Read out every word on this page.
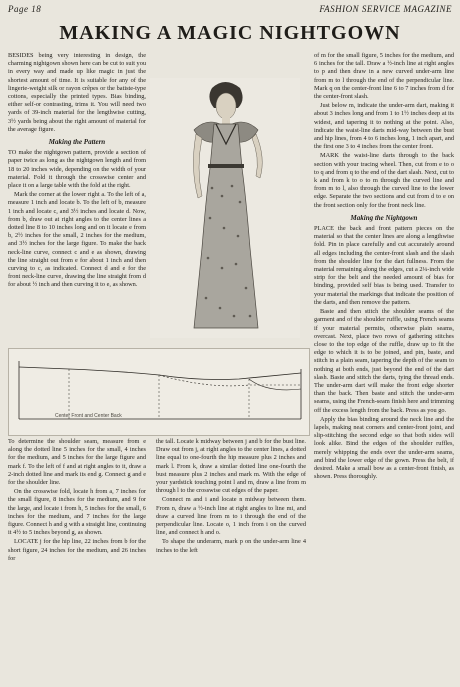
Page 18	FASHION SERVICE MAGAZINE
MAKING A MAGIC NIGHTGOWN

BESIDES being very interesting in design, the charming nightgown shown here can be cut to suit you in every way and made up like magic in just the shortest amount of time. It is suitable for any of the lingerie-weight silk or rayon crêpes or the batiste-type cottons, especially the printed types. Bias binding, either self-or contrasting, trims it. You will need two yards of 39-inch material for the lengthwise cutting, 3½ yards being about the right amount of material for the average figure.

Making the Pattern

TO make the nightgown pattern, provide a section of paper twice as long as the nightgown length and from 18 to 20 inches wide, depending on the width of your material. Fold it through the crosswise center and place it on a large table with the fold at the right.

Mark the corner at the lower right a. To the left of a, measure 1 inch and locate b. To the left of b, measure 1 inch and locate c, and 3½ inches and locate d. Now, from b, draw out at right angles to the center lines a dotted line 8 to 10 inches long and on it locate e from b, 2½ inches for the small, 2 inches for the medium, and 3½ inches for the large figure. To make the back neck-line curve, connect c and e as shown, drawing the line straight out from e for about 1 inch and then curving to c, as indicated. Connect d and e for the front neck-line curve, drawing the line straight from d for about ½ inch and then curving it to e, as shown.

of m for the small figure, 5 inches for the medium, and 6 inches for the tall. Draw a ½-inch line at right angles to p and then draw in a new curved under-arm line from m to l through the end of the perpendicular line. Mark q on the center-front line 6 to 7 inches from d for the center-front slash.

Just below m, indicate the under-arm dart, making it about 3 inches long and from 1 to 1½ inches deep at its widest, and tapering it to nothing at the point. Also, indicate the waist-line darts mid-way between the bust and hip lines, from 4 to 6 inches long, 1 inch apart, and the first one 3 to 4 inches from the center front.

MARK the waist-line darts through to the back section with your tracing wheel. Then, cut from e to o to q and from q to the end of the dart slash. Next, cut to k and from k to o to m through the curved line and from m to l, also through the curved line to the lower edge. Separate the two sections and cut from d to e on the front section only for the front neck line.

Making the Nightgown

PLACE the back and front pattern pieces on the material so that the center lines are along a lengthwise fold. Pin in place carefully and cut accurately around all edges including the center-front slash and the slash from the shoulder line for the dart fullness. From the material remaining along the edges, cut a 2¼-inch wide strip for the belt and the needed amount of bias for binding, provided self bias is being used. Transfer to your material the markings that indicate the position of the darts, and then remove the pattern.

Baste and then stitch the shoulder seams of the garment and of the shoulder ruffle, using French seams if your material permits, otherwise plain seams, overcast. Next, place two rows of gathering stitches close to the top edge of the ruffle, draw up to fit the edge to which it is to be joined, and pin, baste, and stitch in a plain seam, tapering the depth of the seam to nothing at both ends, just beyond the end of the dart slash. Baste and stitch the darts, tying the thread ends. The under-arm dart will make the front edge shorter than the back. Then baste and stitch the under-arm seams, using the French-seam finish here and trimming off the excess length from the back. Press as you go.

Apply the bias binding around the neck line and the lapels, making neat corners and center-front joint, and slip-stitching the second edge so that both sides will look alike. Bind the edges of the shoulder ruffles, merely whipping the ends over the under-arm seams, and bind the lower edge of the gown. Press the belt, if desired. Make a small bow as a center-front finish, as shown. Press thoroughly.

Center Front and Center Back

To determine the shoulder seam, measure from e along the dotted line 5 inches for the small, 4 inches for the medium, and 5 inches for the large figure and mark f. To the left of f and at right angles to it, draw a 2-inch dotted line and mark its end g. Connect g and e for the shoulder line.

On the crosswise fold, locate h from a, 7 inches for the small figure, 8 inches for the medium, and 9 for the large, and locate i from h, 5 inches for the small, 6 inches for the medium, and 7 inches for the large figure. Connect h and g with a straight line, continuing it 4½ to 5 inches beyond g, as shown.

LOCATE j for the hip line, 22 inches from b for the short figure, 24 inches for the medium, and 26 inches for

the tall. Locate k midway between j and b for the bust line. Draw out from j, at right angles to the center lines, a dotted line equal to one-fourth the hip measure plus 2 inches and mark l. From k, draw a similar dotted line one-fourth the bust measure plus 2 inches and mark m. With the edge of your yardstick touching point l and m, draw a line from m through l to the crosswise cut edges of the paper.

Connect m and i and locate n midway between them. From n, draw a ½-inch line at right angles to line mi, and draw a curved line from m to i through the end of the perpendicular line. Locate o, 1 inch from i on the curved line, and connect h and o.

To shape the underarm, mark p on the under-arm line 4 inches to the left
